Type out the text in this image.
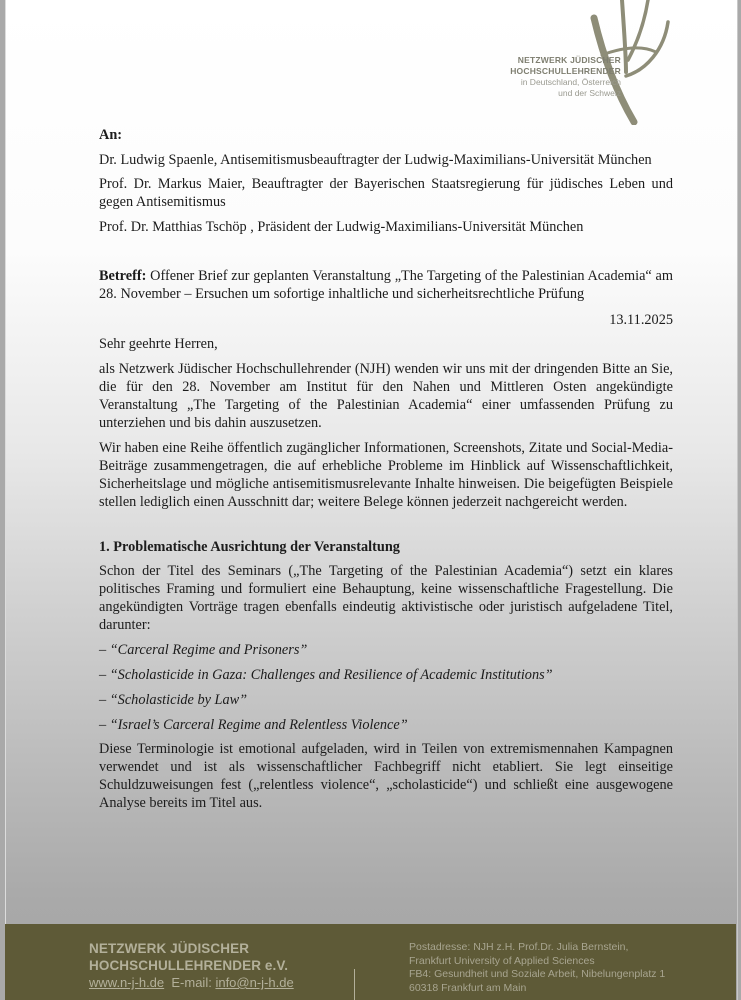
NETZWERK JÜDISCHER
HOCHSCHULLEHRENDER
in Deutschland, Österreich
und der Schweiz
An:
Dr. Ludwig Spaenle, Antisemitismusbeauftragter der Ludwig-Maximilians-Universität München
Prof. Dr. Markus Maier, Beauftragter der Bayerischen Staatsregierung für jüdisches Leben und gegen Antisemitismus
Prof. Dr. Matthias Tschöp , Präsident der Ludwig-Maximilians-Universität München
Betreff: Offener Brief zur geplanten Veranstaltung „The Targeting of the Palestinian Academia“ am 28. November – Ersuchen um sofortige inhaltliche und sicherheitsrechtliche Prüfung
13.11.2025
Sehr geehrte Herren,
als Netzwerk Jüdischer Hochschullehrender (NJH) wenden wir uns mit der dringenden Bitte an Sie, die für den 28. November am Institut für den Nahen und Mittleren Osten angekündigte Veranstaltung „The Targeting of the Palestinian Academia“ einer umfassenden Prüfung zu unterziehen und bis dahin auszusetzen.
Wir haben eine Reihe öffentlich zugänglicher Informationen, Screenshots, Zitate und Social-Media-Beiträge zusammengetragen, die auf erhebliche Probleme im Hinblick auf Wissenschaftlichkeit, Sicherheitslage und mögliche antisemitismusrelevante Inhalte hinweisen. Die beigefügten Beispiele stellen lediglich einen Ausschnitt dar; weitere Belege können jederzeit nachgereicht werden.
1. Problematische Ausrichtung der Veranstaltung
Schon der Titel des Seminars („The Targeting of the Palestinian Academia“) setzt ein klares politisches Framing und formuliert eine Behauptung, keine wissenschaftliche Fragestellung. Die angekündigten Vorträge tragen ebenfalls eindeutig aktivistische oder juristisch aufgeladene Titel, darunter:
– “Carceral Regime and Prisoners”
– “Scholasticide in Gaza: Challenges and Resilience of Academic Institutions”
– “Scholasticide by Law”
– “Israel’s Carceral Regime and Relentless Violence”
Diese Terminologie ist emotional aufgeladen, wird in Teilen von extremismennahen Kampagnen verwendet und ist als wissenschaftlicher Fachbegriff nicht etabliert. Sie legt einseitige Schuldzuweisungen fest („relentless violence“, „scholasticide“) und schließt eine ausgewogene Analyse bereits im Titel aus.
NETZWERK JÜDISCHER
HOCHSCHULLEHRENDER e.V.
www.n-j-h.de E-mail: info@n-j-h.de
Postadresse: NJH z.H. Prof.Dr. Julia Bernstein,
Frankfurt University of Applied Sciences
FB4: Gesundheit und Soziale Arbeit, Nibelungenplatz 1
60318 Frankfurt am Main
